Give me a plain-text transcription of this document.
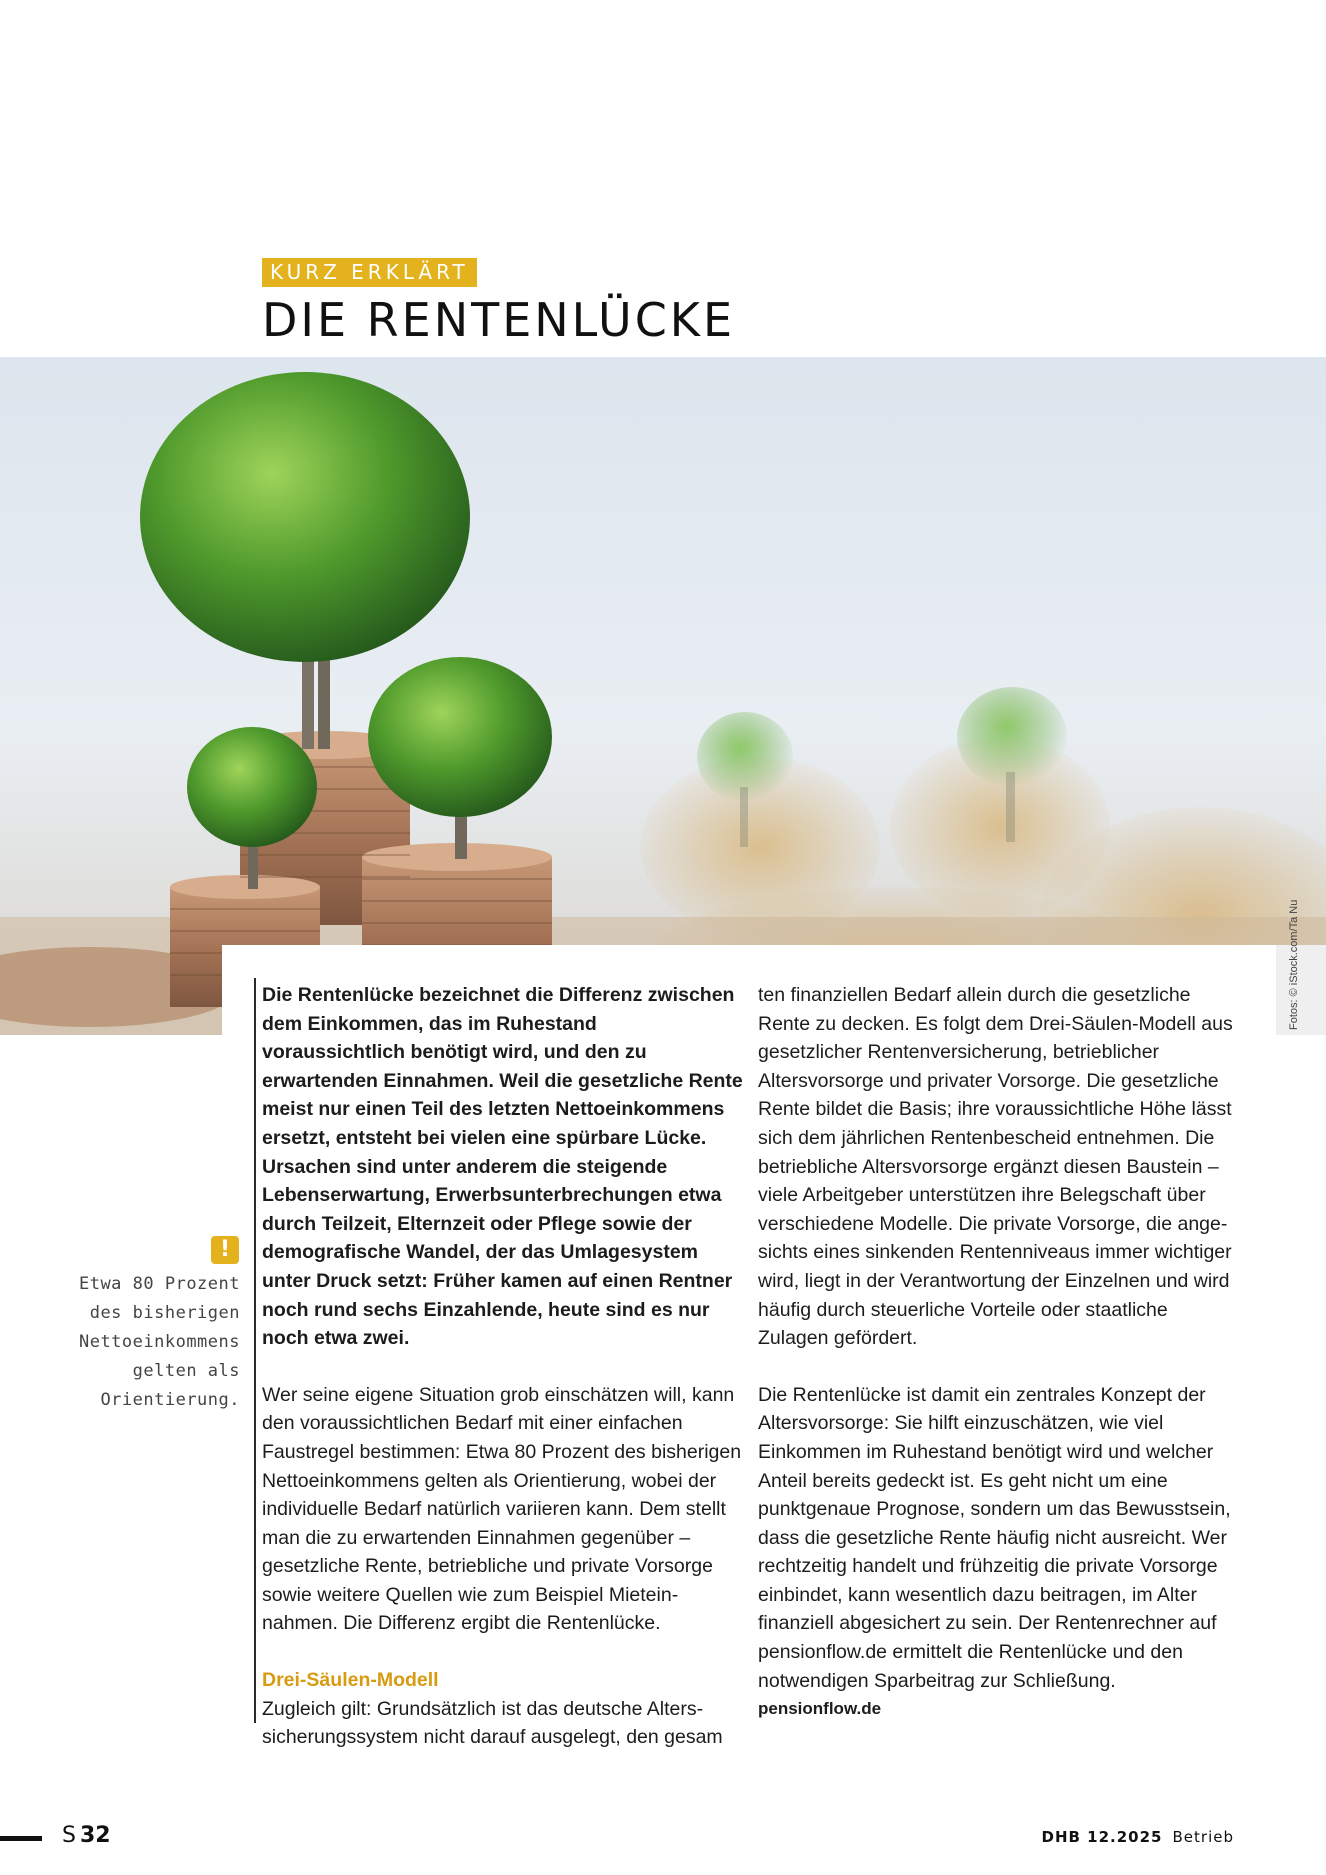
KURZ ERKLÄRT
DIE RENTENLÜCKE
Fotos: © iStock.com/Ta Nu
!
Etwa 80 Prozent
des bisherigen
Nettoeinkommens
gelten als
Orientierung.

Die Rentenlücke bezeichnet die Differenz zwischen dem Einkommen, das im Ruhestand voraussichtlich benötigt wird, und den zu erwartenden Einnahmen. Weil die gesetzliche Rente meist nur einen Teil des letzten Nettoeinkommens ersetzt, entsteht bei vielen eine spürbare Lücke. Ursachen sind unter anderem die steigende Lebenserwartung, Erwerbsunterbrechungen etwa durch Teilzeit, Elternzeit oder Pflege sowie der demografische Wandel, der das Umlagesystem unter Druck setzt: Früher kamen auf einen Rentner noch rund sechs Einzahlende, heute sind es nur noch etwa zwei.

Wer seine eigene Situation grob einschätzen will, kann den voraussichtlichen Bedarf mit einer einfachen Faustregel bestimmen: Etwa 80 Prozent des bisherigen Nettoeinkommens gelten als Orientierung, wobei der individuelle Bedarf natürlich variieren kann. Dem stellt man die zu erwartenden Einnahmen gegenüber – gesetzliche Rente, betriebliche und private Vorsorge sowie weitere Quellen wie zum Beispiel Mieteinnahmen. Die Differenz ergibt die Rentenlücke.

Drei-Säulen-Modell

Zugleich gilt: Grundsätzlich ist das deutsche Alterssicherungssystem nicht darauf ausgelegt, den gesam

ten finanziellen Bedarf allein durch die gesetzliche Rente zu decken. Es folgt dem Drei-Säulen-Modell aus gesetzlicher Rentenversicherung, betrieblicher Altersvorsorge und privater Vorsorge. Die gesetzliche Rente bildet die Basis; ihre voraussichtliche Höhe lässt sich dem jährlichen Rentenbescheid entnehmen. Die betriebliche Altersvorsorge ergänzt diesen Baustein – viele Arbeitgeber unterstützen ihre Belegschaft über verschiedene Modelle. Die private Vorsorge, die angesichts eines sinkenden Rentenniveaus immer wichtiger wird, liegt in der Verantwortung der Einzelnen und wird häufig durch steuerliche Vorteile oder staatliche Zulagen gefördert.

Die Rentenlücke ist damit ein zentrales Konzept der Altersvorsorge: Sie hilft einzuschätzen, wie viel Einkommen im Ruhestand benötigt wird und welcher Anteil bereits gedeckt ist. Es geht nicht um eine punktgenaue Prognose, sondern um das Bewusstsein, dass die gesetzliche Rente häufig nicht ausreicht. Wer rechtzeitig handelt und frühzeitig die private Vorsorge einbindet, kann wesentlich dazu beitragen, im Alter finanziell abgesichert zu sein. Der Rentenrechner auf pensionflow.de ermittelt die Rentenlücke und den notwendigen Sparbeitrag zur Schließung.

pensionflow.de

S 32	DHB 12.2025 Betrieb
